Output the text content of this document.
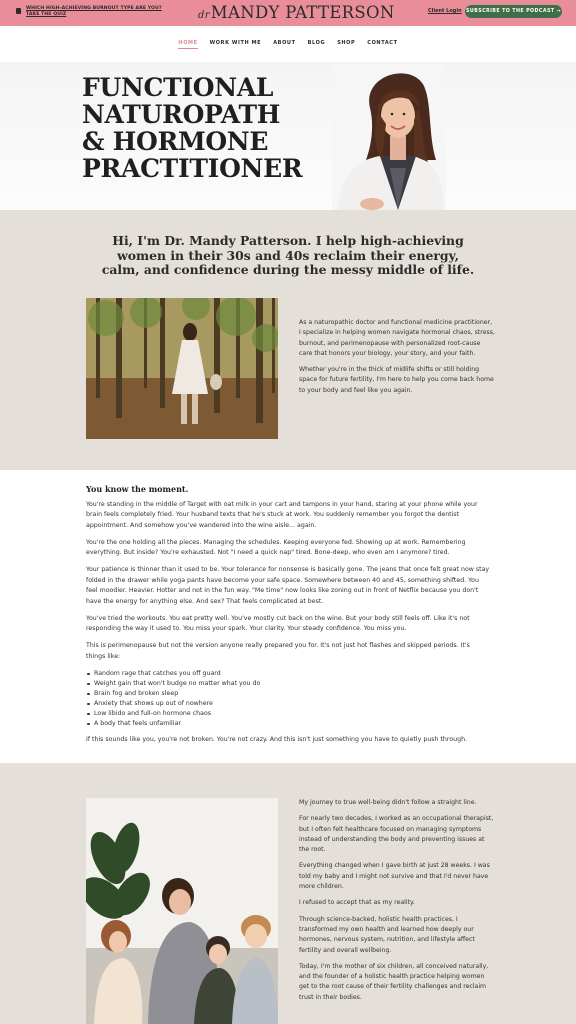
WHICH HIGH-ACHIEVING BURNOUT TYPE ARE YOU? TAKE THE QUIZ	drMANDY PATTERSON	Client Login SUBSCRIBE TO THE PODCAST →
HOME WORK WITH ME ABOUT BLOG SHOP CONTACT
FUNCTIONAL
NATUROPATH
& HORMONE
PRACTITIONER
Hi, I'm Dr. Mandy Patterson. I help high-achieving women in their 30s and 40s reclaim their energy, calm, and confidence during the messy middle of life.

As a naturopathic doctor and functional medicine practitioner, I specialize in helping women navigate hormonal chaos, stress, burnout, and perimenopause with personalized root-cause care that honors your biology, your story, and your faith.

Whether you're in the thick of midlife shifts or still holding space for future fertility, I'm here to help you come back home to your body and feel like you again.

You know the moment.

You're standing in the middle of Target with oat milk in your cart and tampons in your hand, staring at your phone while your brain feels completely fried. Your husband texts that he's stuck at work. You suddenly remember you forgot the dentist appointment. And somehow you've wandered into the wine aisle... again.

You're the one holding all the pieces. Managing the schedules. Keeping everyone fed. Showing up at work. Remembering everything. But inside? You're exhausted. Not "I need a quick nap" tired. Bone-deep, who even am I anymore? tired.

Your patience is thinner than it used to be. Your tolerance for nonsense is basically gone. The jeans that once felt great now stay folded in the drawer while yoga pants have become your safe space. Somewhere between 40 and 45, something shifted. You feel moodier. Heavier. Hotter and not in the fun way. "Me time" now looks like zoning out in front of Netflix because you don't have the energy for anything else. And sex? That feels complicated at best.

You've tried the workouts. You eat pretty well. You've mostly cut back on the wine. But your body still feels off. Like it's not responding the way it used to. You miss your spark. Your clarity. Your steady confidence. You miss you.

This is perimenopause but not the version anyone really prepared you for. It's not just hot flashes and skipped periods. It's things like:

Random rage that catches you off guard
Weight gain that won't budge no matter what you do
Brain fog and broken sleep
Anxiety that shows up out of nowhere
Low libido and full-on hormone chaos
A body that feels unfamiliar

If this sounds like you, you're not broken. You're not crazy. And this isn't just something you have to quietly push through.

My journey to true well-being didn't follow a straight line.

For nearly two decades, I worked as an occupational therapist, but I often felt healthcare focused on managing symptoms instead of understanding the body and preventing issues at the root.

Everything changed when I gave birth at just 28 weeks. I was told my baby and I might not survive and that I'd never have more children.

I refused to accept that as my reality.

Through science-backed, holistic health practices, I transformed my own health and learned how deeply our hormones, nervous system, nutrition, and lifestyle affect fertility and overall wellbeing.

Today, I'm the mother of six children, all conceived naturally, and the founder of a holistic health practice helping women get to the root cause of their fertility challenges and reclaim trust in their bodies.
